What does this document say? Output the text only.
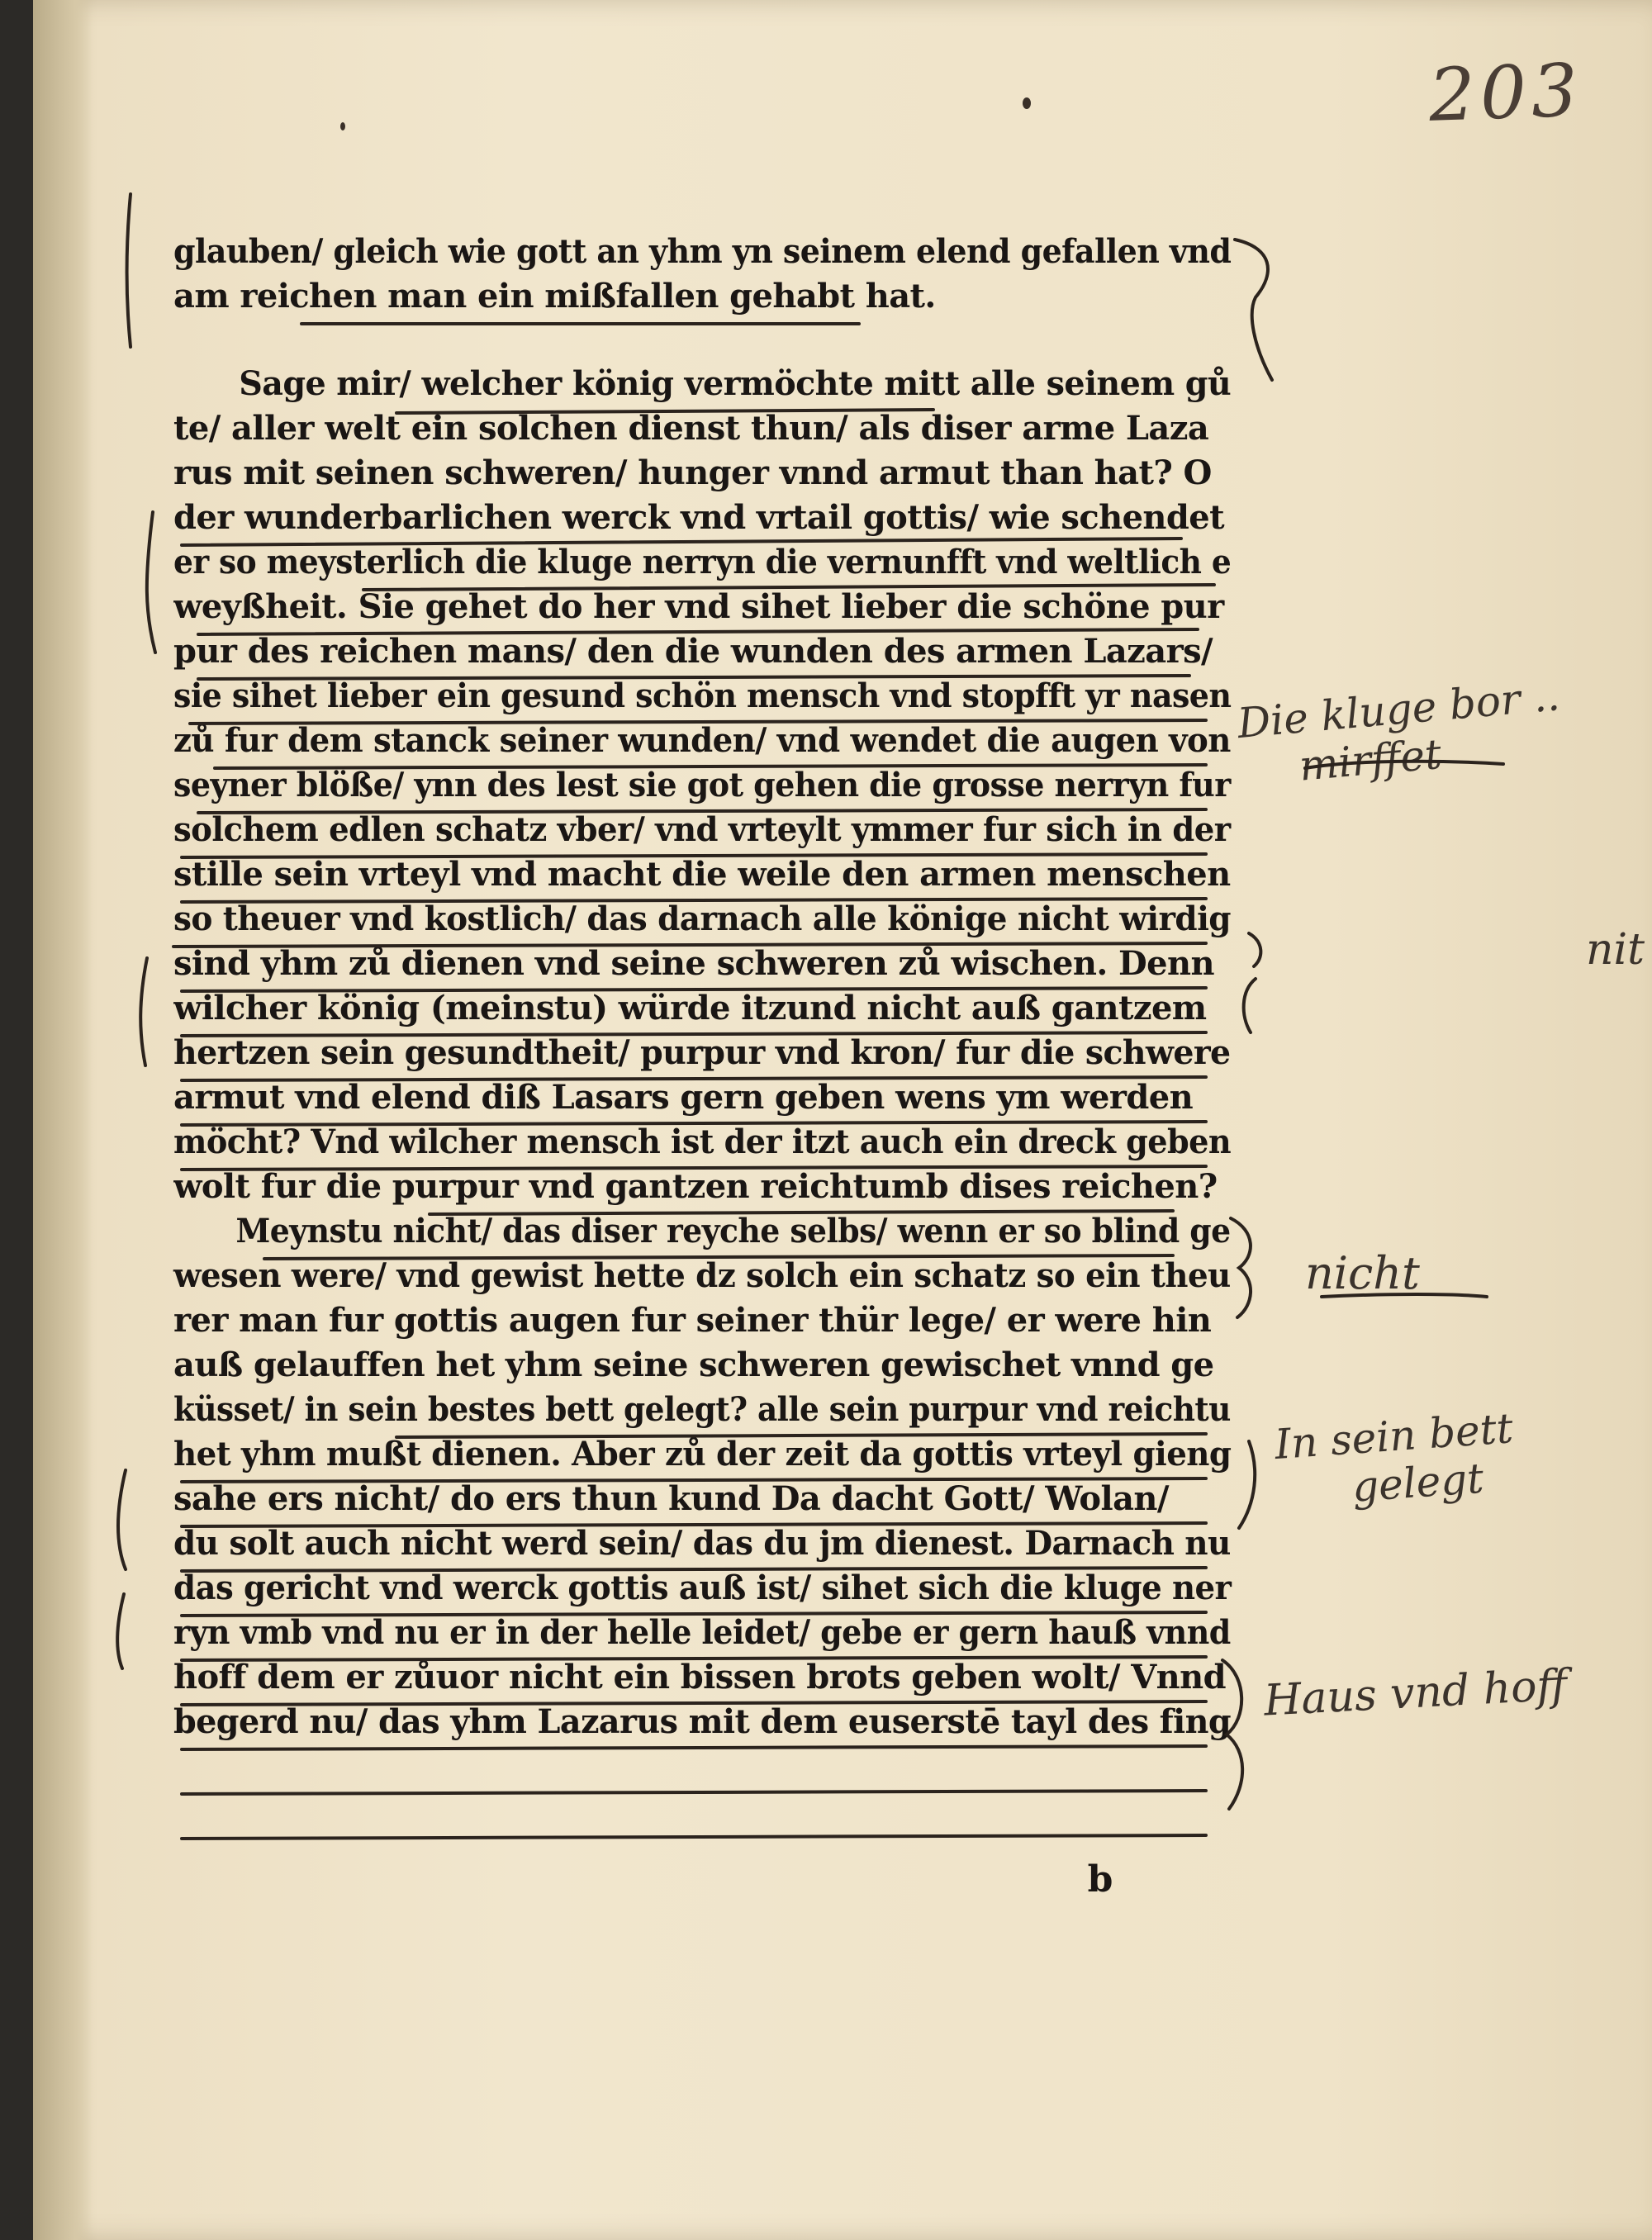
203
glauben/ gleich wie gott an yhm yn seinem elend gefallen vnd
am reichen man ein mißfallen gehabt hat.
Sage mir/ welcher könig vermöchte mitt alle seinem gů
te/ aller welt ein solchen dienst thun/ als diser arme Laza
rus mit seinen schweren/ hunger vnnd armut than hat? O
der wunderbarlichen werck vnd vrtail gottis/ wie schendet
er so meysterlich die kluge nerryn die vernunfft vnd weltlich e
weyßheit. Sie gehet do her vnd sihet lieber die schöne pur
pur des reichen mans/ den die wunden des armen Lazars/
sie sihet lieber ein gesund schön mensch vnd stopfft yr nasen
zů fur dem stanck seiner wunden/ vnd wendet die augen von
seyner blöße/ ynn des lest sie got gehen die grosse nerryn fur
solchem edlen schatz vber/ vnd vrteylt ymmer fur sich in der
stille sein vrteyl vnd macht die weile den armen menschen
so theuer vnd kostlich/ das darnach alle könige nicht wirdig
sind yhm zů dienen vnd seine schweren zů wischen. Denn
wilcher könig (meinstu) würde itzund nicht auß gantzem
hertzen sein gesundtheit/ purpur vnd kron/ fur die schwere
armut vnd elend diß Lasars gern geben wens ym werden
möcht? Vnd wilcher mensch ist der itzt auch ein dreck geben
wolt fur die purpur vnd gantzen reichtumb dises reichen?
Meynstu nicht/ das diser reyche selbs/ wenn er so blind ge
wesen were/ vnd gewist hette dz solch ein schatz so ein theu
rer man fur gottis augen fur seiner thür lege/ er were hin
auß gelauffen het yhm seine schweren gewischet vnnd ge
küsset/ in sein bestes bett gelegt? alle sein purpur vnd reichtu
het yhm mußt dienen. Aber zů der zeit da gottis vrteyl gieng
sahe ers nicht/ do ers thun kund Da dacht Gott/ Wolan/
du solt auch nicht werd sein/ das du jm dienest. Darnach nu
das gericht vnd werck gottis auß ist/ sihet sich die kluge ner
ryn vmb vnd nu er in der helle leidet/ gebe er gern hauß vnnd
hoff dem er zůuor nicht ein bissen brots geben wolt/ Vnnd
begerd nu/ das yhm Lazarus mit dem euserstē tayl des fing
b
Die kluge bor ..
mirffet
nit
nicht
In sein bett
gelegt
Haus vnd hoff
